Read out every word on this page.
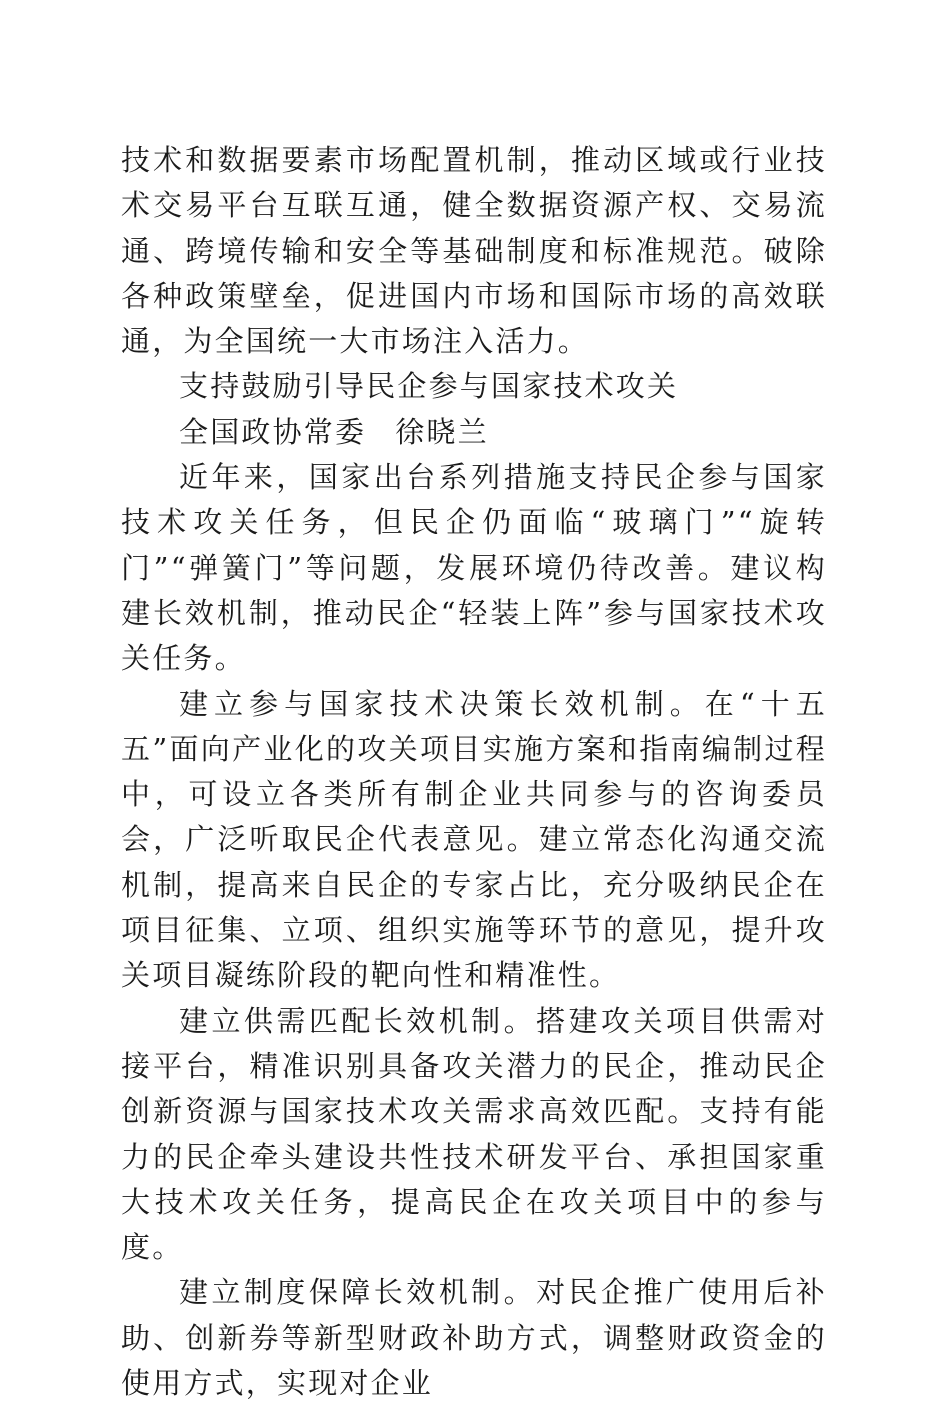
技术和数据要素市场配置机制，推动区域或行业技术交易平台互联互通，健全数据资源产权、交易流通、跨境传输和安全等基础制度和标准规范。破除各种政策壁垒，促进国内市场和国际市场的高效联通，为全国统一大市场注入活力。

支持鼓励引导民企参与国家技术攻关

全国政协常委 徐晓兰

近年来，国家出台系列措施支持民企参与国家技术攻关任务，但民企仍面临“玻璃门”“旋转门”“弹簧门”等问题，发展环境仍待改善。建议构建长效机制，推动民企“轻装上阵”参与国家技术攻关任务。

建立参与国家技术决策长效机制。在“十五五”面向产业化的攻关项目实施方案和指南编制过程中，可设立各类所有制企业共同参与的咨询委员会，广泛听取民企代表意见。建立常态化沟通交流机制，提高来自民企的专家占比，充分吸纳民企在项目征集、立项、组织实施等环节的意见，提升攻关项目凝练阶段的靶向性和精准性。

建立供需匹配长效机制。搭建攻关项目供需对接平台，精准识别具备攻关潜力的民企，推动民企创新资源与国家技术攻关需求高效匹配。支持有能力的民企牵头建设共性技术研发平台、承担国家重大技术攻关任务，提高民企在攻关项目中的参与度。

建立制度保障长效机制。对民企推广使用后补助、创新券等新型财政补助方式，调整财政资金的使用方式，实现对企业
